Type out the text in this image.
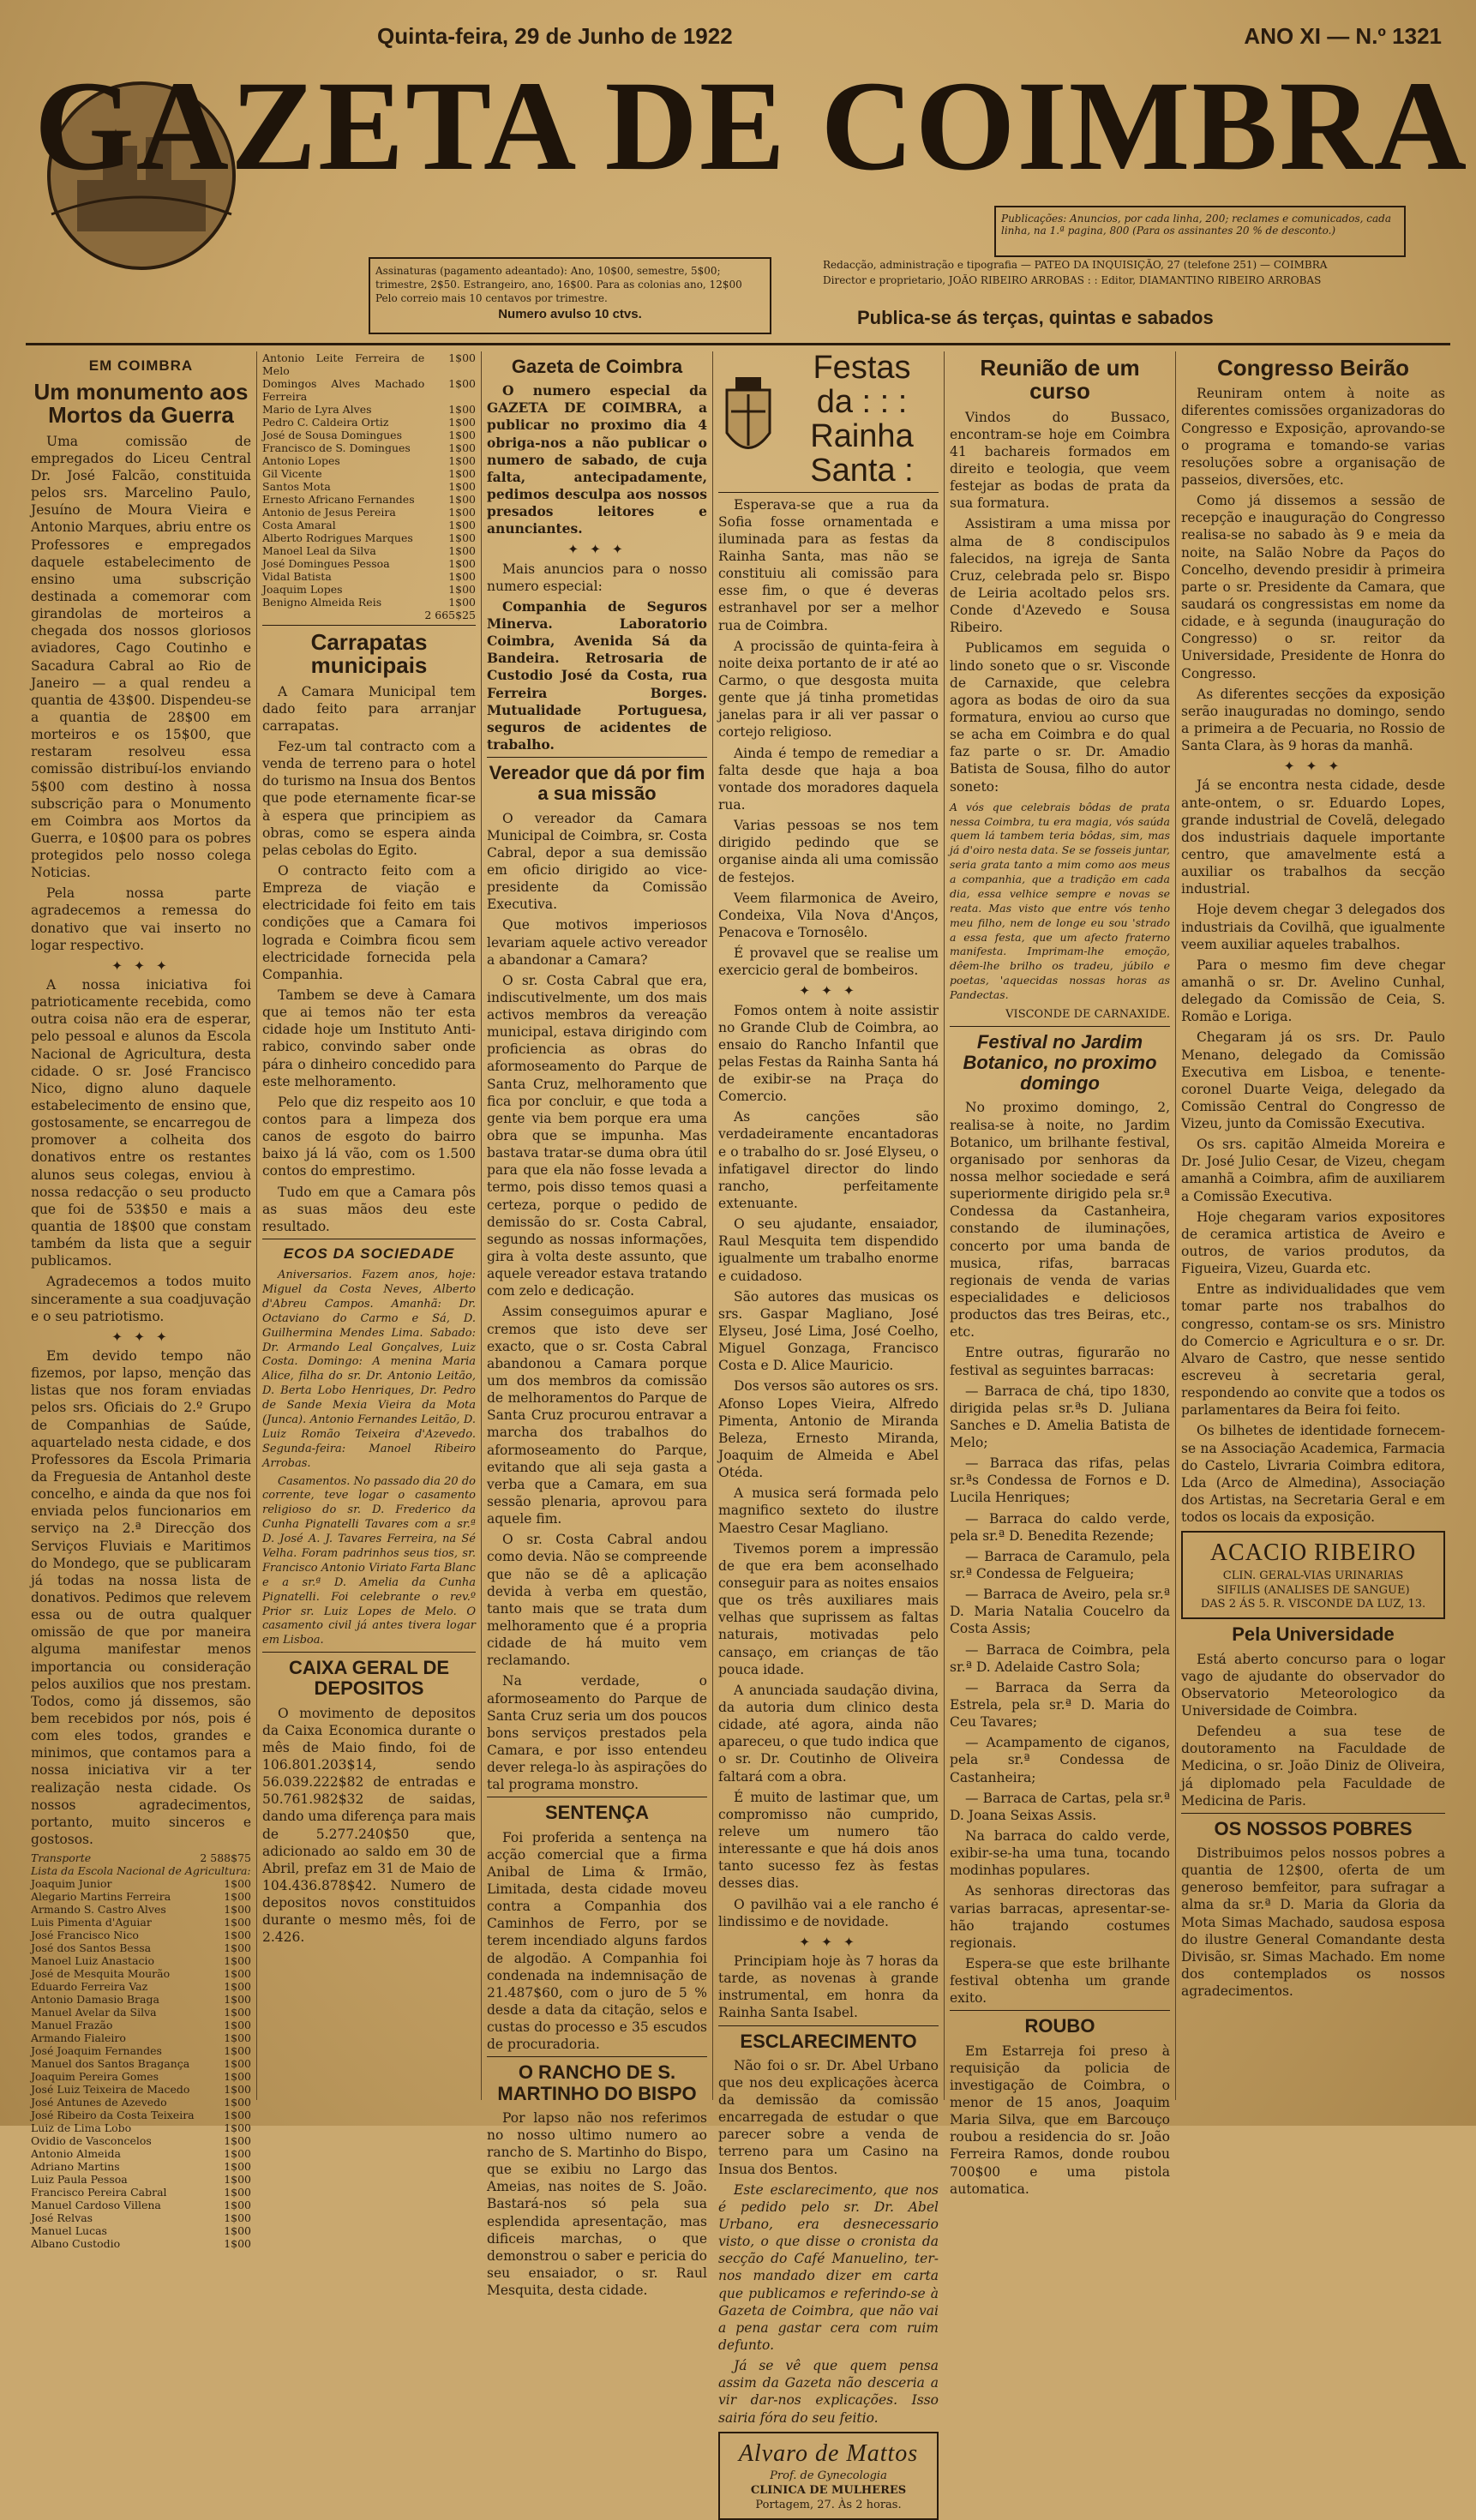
Quinta-feira, 29 de Junho de 1922	ANO XI — N.º 1321
GAZETA DE COIMBRA
Publicações: Anuncios, por cada linha, 200; reclames e comunicados, cada linha, na 1.ª pagina, 800 (Para os assinantes 20 % de desconto.)
Assinaturas (pagamento adeantado): Ano, 10$00, semestre, 5$00; trimestre, 2$50. Estrangeiro, ano, 16$00. Para as colonias ano, 12$00 Pelo correio mais 10 centavos por trimestre.
Numero avulso 10 ctvs.
Redacção, administração e tipografia — PATEO DA INQUISIÇÃO, 27 (telefone 251) — COIMBRA
Director e proprietario, JOÃO RIBEIRO ARROBAS : : Editor, DIAMANTINO RIBEIRO ARROBAS
Publica-se ás terças, quintas e sabados
EM COIMBRA
Um monumento aos Mortos da Guerra

Uma comissão de empregados do Liceu Central Dr. José Falcão, constituida pelos srs. Marcelino Paulo, Jesuíno de Moura Vieira e Antonio Marques, abriu entre os Professores e empregados daquele estabelecimento de ensino uma subscrição destinada a comemorar com girandolas de morteiros a chegada dos nossos gloriosos aviadores, Cago Coutinho e Sacadura Cabral ao Rio de Janeiro — a qual rendeu a quantia de 43$00. Dispendeu-se a quantia de 28$00 em morteiros e os 15$00, que restaram resolveu essa comissão distribuí-los enviando 5$00 com destino à nossa subscrição para o Monumento em Coimbra aos Mortos da Guerra, e 10$00 para os pobres protegidos pelo nosso colega Noticias.

Pela nossa parte agradecemos a remessa do donativo que vai inserto no logar respectivo.

✦ ✦ ✦

A nossa iniciativa foi patrioticamente recebida, como outra coisa não era de esperar, pelo pessoal e alunos da Escola Nacional de Agricultura, desta cidade. O sr. José Francisco Nico, digno aluno daquele estabelecimento de ensino que, gostosamente, se encarregou de promover a colheita dos donativos entre os restantes alunos seus colegas, enviou à nossa redacção o seu producto que foi de 53$50 e mais a quantia de 18$00 que constam também da lista que a seguir publicamos.

Agradecemos a todos muito sinceramente a sua coadjuvação e o seu patriotismo.

✦ ✦ ✦

Em devido tempo não fizemos, por lapso, menção das listas que nos foram enviadas pelos srs. Oficiais do 2.º Grupo de Companhias de Saúde, aquartelado nesta cidade, e dos Professores da Escola Primaria da Freguesia de Antanhol deste concelho, e ainda da que nos foi enviada pelos funcionarios em serviço na 2.ª Direcção dos Serviços Fluviais e Maritimos do Mondego, que se publicaram já todas na nossa lista de donativos. Pedimos que relevem essa ou de outra qualquer omissão de que por maneira alguma manifestar menos importancia ou consideração pelos auxilios que nos prestam. Todos, como já dissemos, são bem recebidos por nós, pois é com eles todos, grandes e minimos, que contamos para a nossa iniciativa vir a ter realização nesta cidade. Os nossos agradecimentos, portanto, muito sinceros e gostosos.

Transporte	2 588$75
Lista da Escola Nacional de Agricultura:	
Joaquim Junior	1$00
Alegario Martins Ferreira	1$00
Armando S. Castro Alves	1$00
Luis Pimenta d'Aguiar	1$00
José Francisco Nico	1$00
José dos Santos Bessa	1$00
Manoel Luiz Anastacio	1$00
José de Mesquita Mourão	1$00
Eduardo Ferreira Vaz	1$00
Antonio Damasio Braga	1$00
Manuel Avelar da Silva	1$00
Manuel Frazão	1$00
Armando Fialeiro	1$00
José Joaquim Fernandes	1$00
Manuel dos Santos Bragança	1$00
Joaquim Pereira Gomes	1$00
José Luiz Teixeira de Macedo	1$00
José Antunes de Azevedo	1$00
José Ribeiro da Costa Teixeira	1$00
Luiz de Lima Lobo	1$00
Ovidio de Vasconcelos	1$00
Antonio Almeida	1$00
Adriano Martins	1$00
Luiz Paula Pessoa	1$00
Francisco Pereira Cabral	1$00
Manuel Cardoso Villena	1$00
José Relvas	1$00
Manuel Lucas	1$00
Albano Custodio	1$00
Antonio Leite Ferreira de Melo	1$00
Domingos Alves Machado Ferreira	1$00
Mario de Lyra Alves	1$00
Pedro C. Caldeira Ortiz	1$00
José de Sousa Domingues	1$00
Francisco de S. Domingues	1$00
Antonio Lopes	1$00
Gil Vicente	1$00
Santos Mota	1$00
Ernesto Africano Fernandes	1$00
Antonio de Jesus Pereira	1$00
Costa Amaral	1$00
Alberto Rodrigues Marques	1$00
Manoel Leal da Silva	1$00
José Domingues Pessoa	1$00
Vidal Batista	1$00
Joaquim Lopes	1$00
Benigno Almeida Reis	1$00
	2 665$25
Carrapatas municipais

A Camara Municipal tem dado feito para arranjar carrapatas.

Fez-um tal contracto com a venda de terreno para o hotel do turismo na Insua dos Bentos que pode eternamente ficar-se à espera que principiem as obras, como se espera ainda pelas cebolas do Egito.

O contracto feito com a Empreza de viação e electricidade foi feito em tais condições que a Camara foi lograda e Coimbra ficou sem electricidade fornecida pela Companhia.

Tambem se deve à Camara que ai temos não ter esta cidade hoje um Instituto Anti-rabico, convindo saber onde pára o dinheiro concedido para este melhoramento.

Pelo que diz respeito aos 10 contos para a limpeza dos canos de esgoto do bairro baixo já lá vão, com os 1.500 contos do emprestimo.

Tudo em que a Camara pôs as suas mãos deu este resultado.

ECOS DA SOCIEDADE

Aniversarios. Fazem anos, hoje: Miguel da Costa Neves, Alberto d'Abreu Campos. Amanhã: Dr. Octaviano do Carmo e Sá, D. Guilhermina Mendes Lima. Sabado: Dr. Armando Leal Gonçalves, Luiz Costa. Domingo: A menina Maria Alice, filha do sr. Dr. Antonio Leitão, D. Berta Lobo Henriques, Dr. Pedro de Sande Mexia Vieira da Mota (Junca). Antonio Fernandes Leitão, D. Luiz Romão Teixeira d'Azevedo. Segunda-feira: Manoel Ribeiro Arrobas.

Casamentos. No passado dia 20 do corrente, teve logar o casamento religioso do sr. D. Frederico da Cunha Pignatelli Tavares com a sr.ª D. José A. J. Tavares Ferreira, na Sé Velha. Foram padrinhos seus tios, sr. Francisco Antonio Viriato Farta Blanc e a sr.ª D. Amelia da Cunha Pignatelli. Foi celebrante o rev.º Prior sr. Luiz Lopes de Melo. O casamento civil já antes tivera logar em Lisboa.

CAIXA GERAL DE DEPOSITOS

O movimento de depositos da Caixa Economica durante o mês de Maio findo, foi de 106.801.203$14, sendo 56.039.222$82 de entradas e 50.761.982$32 de saidas, dando uma diferença para mais de 5.277.240$50 que, adicionado ao saldo em 30 de Abril, prefaz em 31 de Maio de 104.436.878$42. Numero de depositos novos constituidos durante o mesmo mês, foi de 2.426.

Gazeta de Coimbra

O numero especial da GAZETA DE COIMBRA, a publicar no proximo dia 4 obriga-nos a não publicar o numero de sabado, de cuja falta, antecipadamente, pedimos desculpa aos nossos presados leitores e anunciantes.

✦ ✦ ✦

Mais anuncios para o nosso numero especial:

Companhia de Seguros Minerva. Laboratorio Coimbra, Avenida Sá da Bandeira. Retrosaria de Custodio José da Costa, rua Ferreira Borges. Mutualidade Portuguesa, seguros de acidentes de trabalho.

Vereador que dá por fim a sua missão

O vereador da Camara Municipal de Coimbra, sr. Costa Cabral, depor a sua demissão em oficio dirigido ao vice-presidente da Comissão Executiva.

Que motivos imperiosos levariam aquele activo vereador a abandonar a Camara?

O sr. Costa Cabral que era, indiscutivelmente, um dos mais activos membros da vereação municipal, estava dirigindo com proficiencia as obras do aformoseamento do Parque de Santa Cruz, melhoramento que fica por concluir, e que toda a gente via bem porque era uma obra que se impunha. Mas bastava tratar-se duma obra útil para que ela não fosse levada a termo, pois disso temos quasi a certeza, porque o pedido de demissão do sr. Costa Cabral, segundo as nossas informações, gira à volta deste assunto, que aquele vereador estava tratando com zelo e dedicação.

Assim conseguimos apurar e cremos que isto deve ser exacto, que o sr. Costa Cabral abandonou a Camara porque um dos membros da comissão de melhoramentos do Parque de Santa Cruz procurou entravar a marcha dos trabalhos do aformoseamento do Parque, evitando que ali seja gasta a verba que a Camara, em sua sessão plenaria, aprovou para aquele fim.

O sr. Costa Cabral andou como devia. Não se compreende que não se dê a aplicação devida à verba em questão, tanto mais que se trata dum melhoramento que é a propria cidade de há muito vem reclamando.

Na verdade, o aformoseamento do Parque de Santa Cruz seria um dos poucos bons serviços prestados pela Camara, e por isso entendeu dever relega-lo às aspirações do tal programa monstro.

SENTENÇA

Foi proferida a sentença na acção comercial que a firma Anibal de Lima & Irmão, Limitada, desta cidade moveu contra a Companhia dos Caminhos de Ferro, por se terem incendiado alguns fardos de algodão. A Companhia foi condenada na indemnisação de 21.487$60, com o juro de 5 % desde a data da citação, selos e custas do processo e 35 escudos de procuradoria.

O RANCHO DE S. MARTINHO DO BISPO

Por lapso não nos referimos no nosso ultimo numero ao rancho de S. Martinho do Bispo, que se exibiu no Largo das Ameias, nas noites de S. João. Bastará-nos só pela sua esplendida apresentação, mas dificeis marchas, o que demonstrou o saber e pericia do seu ensaiador, o sr. Raul Mesquita, desta cidade.

Festas
da : : :
Rainha
Santa :

Esperava-se que a rua da Sofia fosse ornamentada e iluminada para as festas da Rainha Santa, mas não se constituiu ali comissão para esse fim, o que é deveras estranhavel por ser a melhor rua de Coimbra.

A procissão de quinta-feira à noite deixa portanto de ir até ao Carmo, o que desgosta muita gente que já tinha prometidas janelas para ir ali ver passar o cortejo religioso.

Ainda é tempo de remediar a falta desde que haja a boa vontade dos moradores daquela rua.

Varias pessoas se nos tem dirigido pedindo que se organise ainda ali uma comissão de festejos.

Veem filarmonica de Aveiro, Condeixa, Vila Nova d'Anços, Penacova e Tornosêlo.

É provavel que se realise um exercicio geral de bombeiros.

✦ ✦ ✦

Fomos ontem à noite assistir no Grande Club de Coimbra, ao ensaio do Rancho Infantil que pelas Festas da Rainha Santa há de exibir-se na Praça do Comercio.

As canções são verdadeiramente encantadoras e o trabalho do sr. José Elyseu, o infatigavel director do lindo rancho, perfeitamente extenuante.

O seu ajudante, ensaiador, Raul Mesquita tem dispendido igualmente um trabalho enorme e cuidadoso.

São autores das musicas os srs. Gaspar Magliano, José Elyseu, José Lima, José Coelho, Miguel Gonzaga, Francisco Costa e D. Alice Mauricio.

Dos versos são autores os srs. Afonso Lopes Vieira, Alfredo Pimenta, Antonio de Miranda Beleza, Ernesto Miranda, Joaquim de Almeida e Abel Otéda.

A musica será formada pelo magnifico sexteto do ilustre Maestro Cesar Magliano.

Tivemos porem a impressão de que era bem aconselhado conseguir para as noites ensaios que os três auxiliares mais velhas que suprissem as faltas naturais, motivadas pelo cansaço, em crianças de tão pouca idade.

A anunciada saudação divina, da autoria dum clinico desta cidade, até agora, ainda não apareceu, o que tudo indica que o sr. Dr. Coutinho de Oliveira faltará com a obra.

É muito de lastimar que, um compromisso não cumprido, releve um numero tão interessante e que há dois anos tanto sucesso fez às festas desses dias.

O pavilhão vai a ele rancho é lindissimo e de novidade.

✦ ✦ ✦

Principiam hoje às 7 horas da tarde, as novenas à grande instrumental, em honra da Rainha Santa Isabel.

ESCLARECIMENTO

Não foi o sr. Dr. Abel Urbano que nos deu explicações àcerca da demissão da comissão encarregada de estudar o que parecer sobre a venda de terreno para um Casino na Insua dos Bentos.

Este esclarecimento, que nos é pedido pelo sr. Dr. Abel Urbano, era desnecessario visto, o que disse o cronista da secção do Café Manuelino, ter-nos mandado dizer em carta que publicamos e referindo-se à Gazeta de Coimbra, que não vai a pena gastar cera com ruim defunto.

Já se vê que quem pensa assim da Gazeta não desceria a vir dar-nos explicações. Isso sairia fóra do seu feitio.

Alvaro de Mattos
Prof. de Gynecologia
CLINICA DE MULHERES
Portagem, 27. Às 2 horas.
Reunião de um curso

Vindos do Bussaco, encontram-se hoje em Coimbra 41 bachareis formados em direito e teologia, que veem festejar as bodas de prata da sua formatura.

Assistiram a uma missa por alma de 8 condiscipulos falecidos, na igreja de Santa Cruz, celebrada pelo sr. Bispo de Leiria acoltado pelos srs. Conde d'Azevedo e Sousa Ribeiro.

Publicamos em seguida o lindo soneto que o sr. Visconde de Carnaxide, que celebra agora as bodas de oiro da sua formatura, enviou ao curso que se acha em Coimbra e do qual faz parte o sr. Dr. Amadio Batista de Sousa, filho do autor soneto:

A vós que celebrais bôdas de prata nessa Coimbra, tu era magia, vós saúda quem lá tambem teria bôdas, sim, mas já d'oiro nesta data. Se se fosseis juntar, seria grata tanto a mim como aos meus a companhia, que a tradição em cada dia, essa velhice sempre e novas se reata. Mas visto que entre vós tenho meu filho, nem de longe eu sou 'strado a essa festa, que um afecto fraterno manifesta. Imprimam-lhe emoção, dêem-lhe brilho os tradeu, júbilo e poetas, 'aquecidas nossas horas as Pandectas.

VISCONDE DE CARNAXIDE.
Festival no Jardim Botanico, no proximo domingo

No proximo domingo, 2, realisa-se à noite, no Jardim Botanico, um brilhante festival, organisado por senhoras da nossa melhor sociedade e será superiormente dirigido pela sr.ª Condessa da Castanheira, constando de iluminações, concerto por uma banda de musica, rifas, barracas regionais de venda de varias especialidades e deliciosos productos das tres Beiras, etc., etc.

Entre outras, figurarão no festival as seguintes barracas:

— Barraca de chá, tipo 1830, dirigida pelas sr.ªs D. Juliana Sanches e D. Amelia Batista de Melo;

— Barraca das rifas, pelas sr.ªs Condessa de Fornos e D. Lucila Henriques;

— Barraca do caldo verde, pela sr.ª D. Benedita Rezende;

— Barraca de Caramulo, pela sr.ª Condessa de Felgueira;

— Barraca de Aveiro, pela sr.ª D. Maria Natalia Coucelro da Costa Assis;

— Barraca de Coimbra, pela sr.ª D. Adelaide Castro Sola;

— Barraca da Serra da Estrela, pela sr.ª D. Maria do Ceu Tavares;

— Acampamento de ciganos, pela sr.ª Condessa de Castanheira;

— Barraca de Cartas, pela sr.ª D. Joana Seixas Assis.

Na barraca do caldo verde, exibir-se-ha uma tuna, tocando modinhas populares.

As senhoras directoras das varias barracas, apresentar-se-hão trajando costumes regionais.

Espera-se que este brilhante festival obtenha um grande exito.

ROUBO

Em Estarreja foi preso à requisição da policia de investigação de Coimbra, o menor de 15 anos, Joaquim Maria Silva, que em Barcouço roubou a residencia do sr. João Ferreira Ramos, donde roubou 700$00 e uma pistola automatica.

Congresso Beirão

Reuniram ontem à noite as diferentes comissões organizadoras do Congresso e Exposição, aprovando-se o programa e tomando-se varias resoluções sobre a organisação de passeios, diversões, etc.

Como já dissemos a sessão de recepção e inauguração do Congresso realisa-se no sabado às 9 e meia da noite, na Salão Nobre da Paços do Concelho, devendo presidir à primeira parte o sr. Presidente da Camara, que saudará os congressistas em nome da cidade, e à segunda (inauguração do Congresso) o sr. reitor da Universidade, Presidente de Honra do Congresso.

As diferentes secções da exposição serão inauguradas no domingo, sendo a primeira a de Pecuaria, no Rossio de Santa Clara, às 9 horas da manhã.

✦ ✦ ✦

Já se encontra nesta cidade, desde ante-ontem, o sr. Eduardo Lopes, grande industrial de Covelã, delegado dos industriais daquele importante centro, que amavelmente está a auxiliar os trabalhos da secção industrial.

Hoje devem chegar 3 delegados dos industriais da Covilhã, que igualmente veem auxiliar aqueles trabalhos.

Para o mesmo fim deve chegar amanhã o sr. Dr. Avelino Cunhal, delegado da Comissão de Ceia, S. Romão e Loriga.

Chegaram já os srs. Dr. Paulo Menano, delegado da Comissão Executiva em Lisboa, e tenente-coronel Duarte Veiga, delegado da Comissão Central do Congresso de Vizeu, junto da Comissão Executiva.

Os srs. capitão Almeida Moreira e Dr. José Julio Cesar, de Vizeu, chegam amanhã a Coimbra, afim de auxiliarem a Comissão Executiva.

Hoje chegaram varios expositores de ceramica artistica de Aveiro e outros, de varios produtos, da Figueira, Vizeu, Guarda etc.

Entre as individualidades que vem tomar parte nos trabalhos do congresso, contam-se os srs. Ministro do Comercio e Agricultura e o sr. Dr. Alvaro de Castro, que nesse sentido escreveu à secretaria geral, respondendo ao convite que a todos os parlamentares da Beira foi feito.

Os bilhetes de identidade fornecem-se na Associação Academica, Farmacia do Castelo, Livraria Coimbra editora, Lda (Arco de Almedina), Associação dos Artistas, na Secretaria Geral e em todos os locais da exposição.

ACACIO RIBEIRO
CLIN. GERAL-VIAS URINARIAS
SIFILIS (ANALISES DE SANGUE)
DAS 2 ÁS 5. R. VISCONDE DA LUZ, 13.
Pela Universidade

Está aberto concurso para o logar vago de ajudante do observador do Observatorio Meteorologico da Universidade de Coimbra.

Defendeu a sua tese de doutoramento na Faculdade de Medicina, o sr. João Diniz de Oliveira, já diplomado pela Faculdade de Medicina de Paris.

OS NOSSOS POBRES

Distribuimos pelos nossos pobres a quantia de 12$00, oferta de um generoso bemfeitor, para sufragar a alma da sr.ª D. Maria da Gloria da Mota Simas Machado, saudosa esposa do ilustre General Comandante desta Divisão, sr. Simas Machado. Em nome dos contemplados os nossos agradecimentos.
